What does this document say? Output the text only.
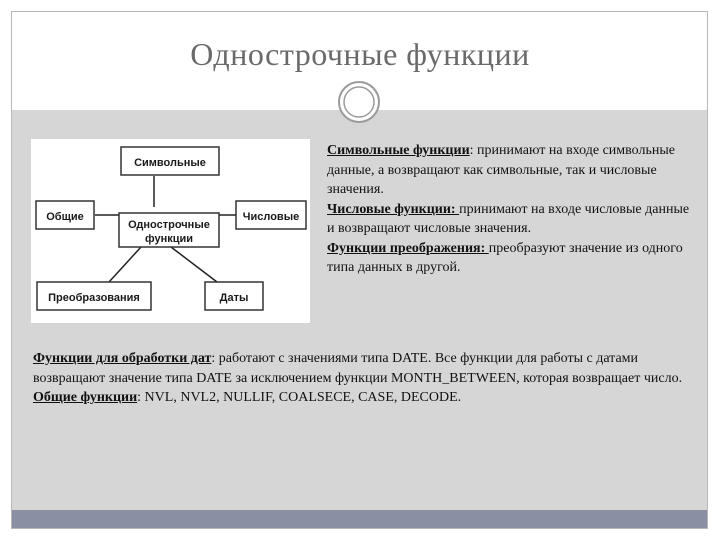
Однострочные функции
Символьные
Общие
Однострочные
функции
Числовые
Преобразования	Даты

Символьные функции: принимают на входе символьные данные, а возвращают как символьные, так и числовые значения.

Числовые функции: принимают на входе числовые данные и возвращают числовые значения.

Функции преображения: преобразуют значение из одного типа данных в другой.

Функции для обработки дат: работают с значениями типа DATE. Все функции для работы с датами возвращают значение типа DATE за исключением функции MONTH_BETWEEN, которая возвращает число.

Общие функции: NVL, NVL2, NULLIF, COALSECE, CASE, DECODE.
